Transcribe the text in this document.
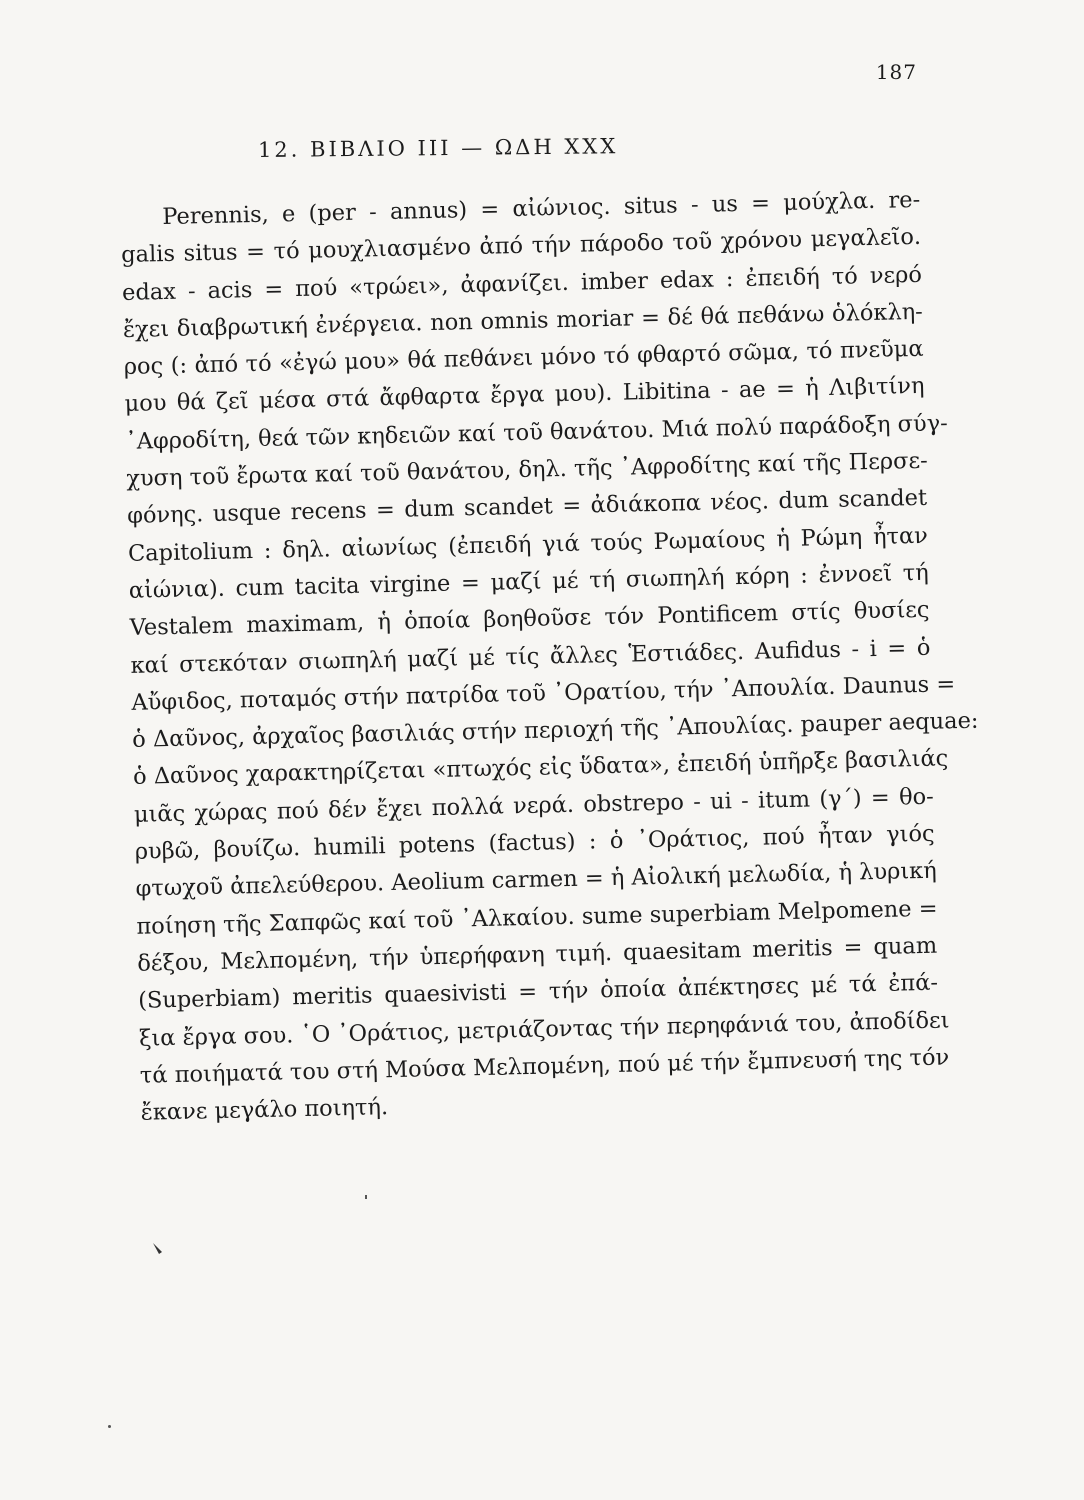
187
12. ΒΙΒΛΙΟ III — ΩΔΗ XXX
Perennis, e (per - annus) = αἰώνιος. situs - us = μούχλα. re-
galis situs = τό μουχλιασμένο ἀπό τήν πάροδο τοῦ χρόνου μεγαλεῖο.
edax - acis = πού «τρώει», ἀφανίζει. imber edax : ἐπειδή τό νερό
ἔχει διαβρωτική ἐνέργεια. non omnis moriar = δέ θά πεθάνω ὁλόκλη-
ρος (: ἀπό τό «ἐγώ μου» θά πεθάνει μόνο τό φθαρτό σῶμα, τό πνεῦμα
μου θά ζεῖ μέσα στά ἄφθαρτα ἔργα μου). Libitina - ae = ἡ Λιβιτίνη
᾿Αφροδίτη, θεά τῶν κηδειῶν καί τοῦ θανάτου. Μιά πολύ παράδοξη σύγ-
χυση τοῦ ἔρωτα καί τοῦ θανάτου, δηλ. τῆς ᾿Αφροδίτης καί τῆς Περσε-
φόνης. usque recens = dum scandet = ἀδιάκοπα νέος. dum scandet
Capitolium : δηλ. αἰωνίως (ἐπειδή γιά τούς Ρωμαίους ἡ Ρώμη ἦταν
αἰώνια). cum tacita virgine = μαζί μέ τή σιωπηλή κόρη : ἐννοεῖ τή
Vestalem maximam, ἡ ὁποία βοηθοῦσε τόν Pontificem στίς θυσίες
καί στεκόταν σιωπηλή μαζί μέ τίς ἄλλες Ἑστιάδες. Aufidus - i = ὁ
Αὔφιδος, ποταμός στήν πατρίδα τοῦ ᾿Ορατίου, τήν ᾿Απουλία. Daunus =
ὁ Δαῦνος, ἀρχαῖος βασιλιάς στήν περιοχή τῆς ᾿Απουλίας. pauper aequae:
ὁ Δαῦνος χαρακτηρίζεται «πτωχός εἰς ὕδατα», ἐπειδή ὑπῆρξε βασιλιάς
μιᾶς χώρας πού δέν ἔχει πολλά νερά. obstrepo - ui - itum (γ΄) = θο-
ρυβῶ, βουίζω. humili potens (factus) : ὁ ᾿Οράτιος, πού ἦταν γιός
φτωχοῦ ἀπελεύθερου. Aeolium carmen = ἡ Αἰολική μελωδία, ἡ λυρική
ποίηση τῆς Σαπφῶς καί τοῦ ᾿Αλκαίου. sume superbiam Melpomene =
δέξου, Μελπομένη, τήν ὑπερήφανη τιμή. quaesitam meritis = quam
(Superbiam) meritis quaesivisti = τήν ὁποία ἀπέκτησες μέ τά ἐπά-
ξια ἔργα σου. ῾Ο ᾿Οράτιος, μετριάζοντας τήν περηφάνιά του, ἀποδίδει
τά ποιήματά του στή Μούσα Μελπομένη, πού μέ τήν ἔμπνευσή της τόν
ἔκανε μεγάλο ποιητή.
